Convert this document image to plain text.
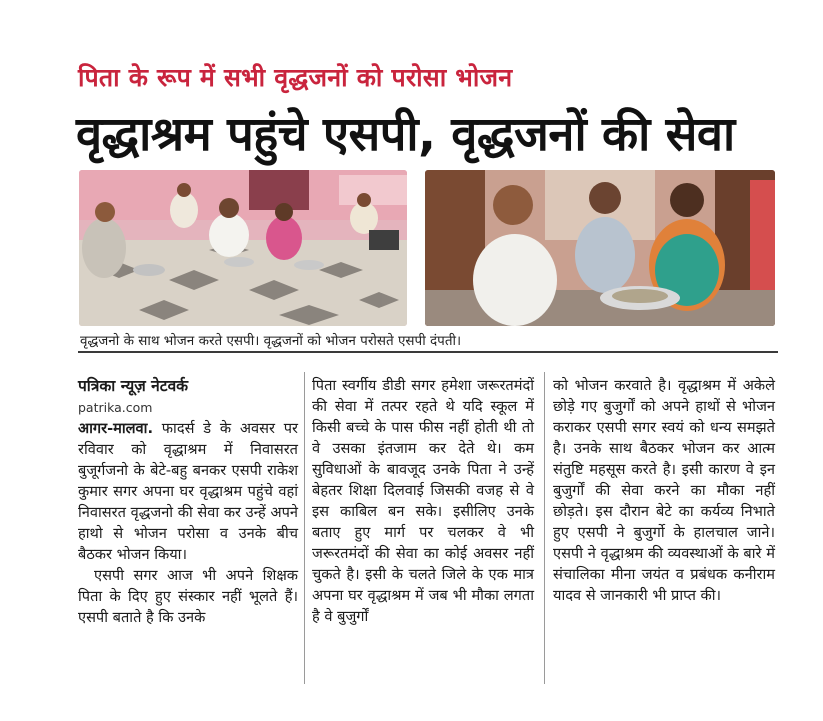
पिता के रूप में सभी वृद्धजनों को परोसा भोजन
वृद्धाश्रम पहुंचे एसपी, वृद्धजनों की सेवा
वृद्धजनो के साथ भोजन करते एसपी। वृद्धजनों को भोजन परोसते एसपी दंपती।

पत्रिका न्यूज़ नेटवर्क

patrika.com

आगर-मालवा. फादर्स डे के अवसर पर रविवार को वृद्धाश्रम में निवासरत बुजूर्गजनो के बेटे-बहु बनकर एसपी राकेश कुमार सगर अपना घर वृद्धाश्रम पहुंचे वहां निवासरत वृद्धजनो की सेवा कर उन्हें अपने हाथो से भोजन परोसा व उनके बीच बैठकर भोजन किया।

एसपी सगर आज भी अपने शिक्षक पिता के दिए हुए संस्कार नहीं भूलते हैं। एसपी बताते है कि उनके

पिता स्वर्गीय डीडी सगर हमेशा जरूरतमंदों की सेवा में तत्पर रहते थे यदि स्कूल में किसी बच्चे के पास फीस नहीं होती थी तो वे उसका इंतजाम कर देते थे। कम सुविधाओं के बावजूद उनके पिता ने उन्हें बेहतर शिक्षा दिलवाई जिसकी वजह से वे इस काबिल बन सके। इसीलिए उनके बताए हुए मार्ग पर चलकर वे भी जरूरतमंदों की सेवा का कोई अवसर नहीं चुकते है। इसी के चलते जिले के एक मात्र अपना घर वृद्धाश्रम में जब भी मौका लगता है वे बुजुर्गों

को भोजन करवाते है। वृद्धाश्रम में अकेले छोड़े गए बुजुर्गों को अपने हाथों से भोजन कराकर एसपी सगर स्वयं को धन्य समझते है। उनके साथ बैठकर भोजन कर आत्म संतुष्टि महसूस करते है। इसी कारण वे इन बुजुर्गों की सेवा करने का मौका नहीं छोड़ते। इस दौरान बेटे का कर्यव्य निभाते हुए एसपी ने बुजुर्गो के हालचाल जाने। एसपी ने वृद्धाश्रम की व्यवस्थाओं के बारे में संचालिका मीना जयंत व प्रबंधक कनीराम यादव से जानकारी भी प्राप्त की।
